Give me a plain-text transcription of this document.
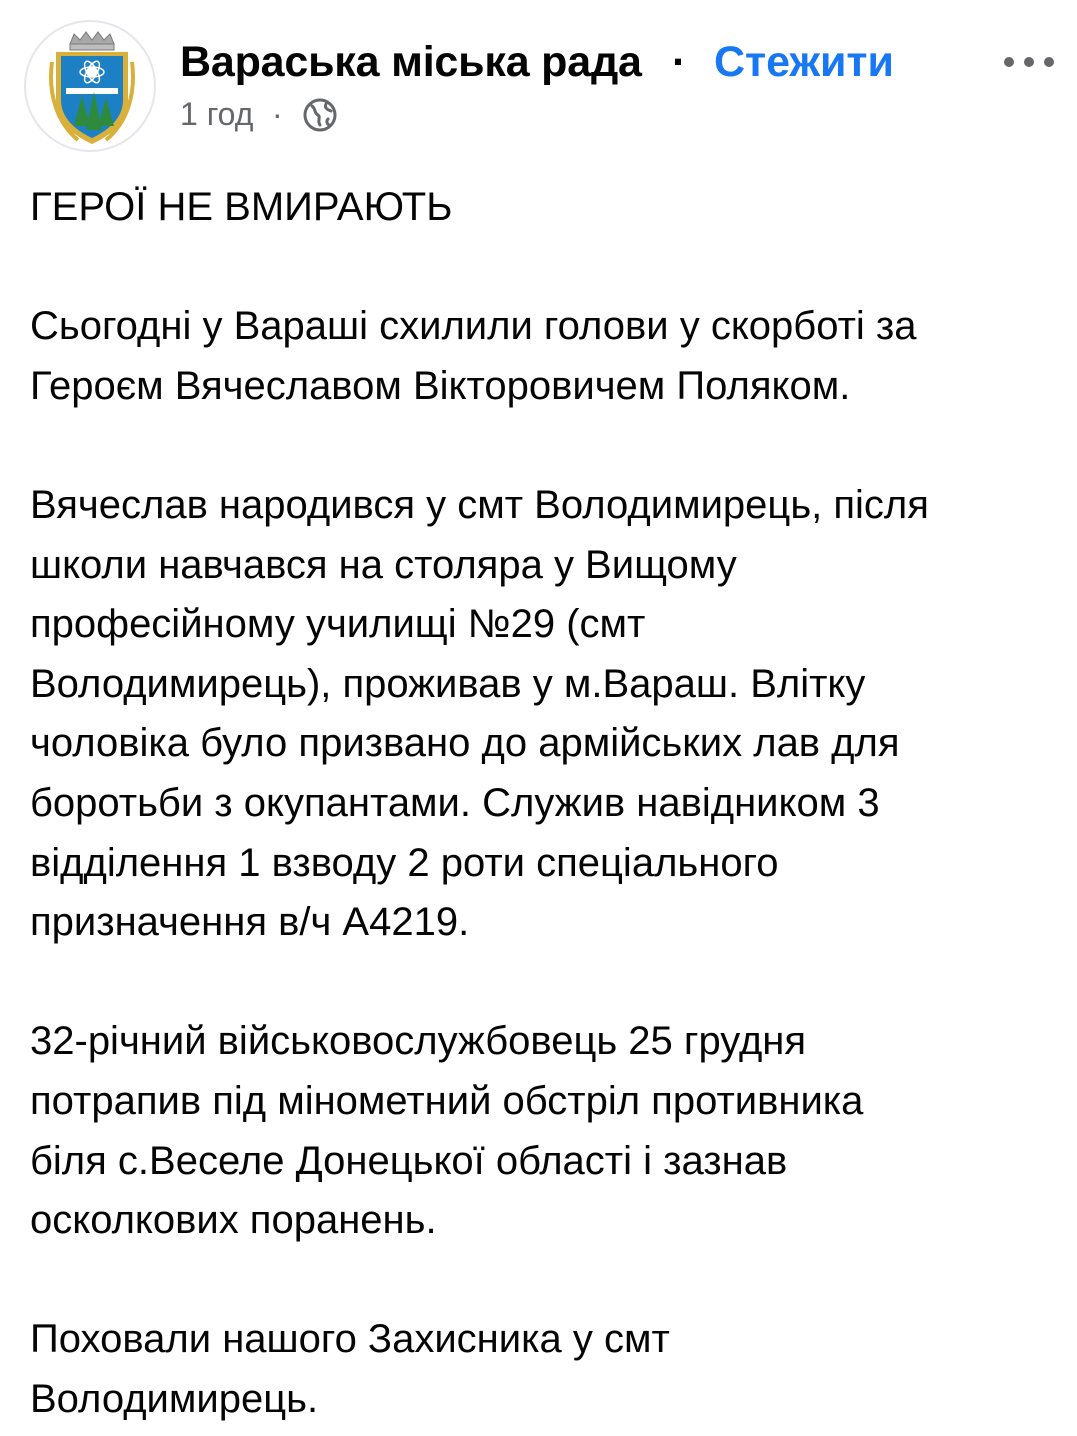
Вараська міська рада · Стежити
1 год ·

ГЕРОЇ НЕ ВМИРАЮТЬ

Сьогодні у Вараші схилили голови у скорботі за
Героєм Вячеславом Вікторовичем Поляком.

Вячеслав народився у смт Володимирець, після
школи навчався на столяра у Вищому
професійному училищі №29 (смт
Володимирець), проживав у м.Вараш. Влітку
чоловіка було призвано до армійських лав для
боротьби з окупантами. Служив навідником 3
відділення 1 взводу 2 роти спеціального
призначення в/ч А4219.

32-річний військовослужбовець 25 грудня
потрапив під мінометний обстріл противника
біля с.Веселе Донецької області і зазнав
осколкових поранень.

Поховали нашого Захисника у смт
Володимирець.
